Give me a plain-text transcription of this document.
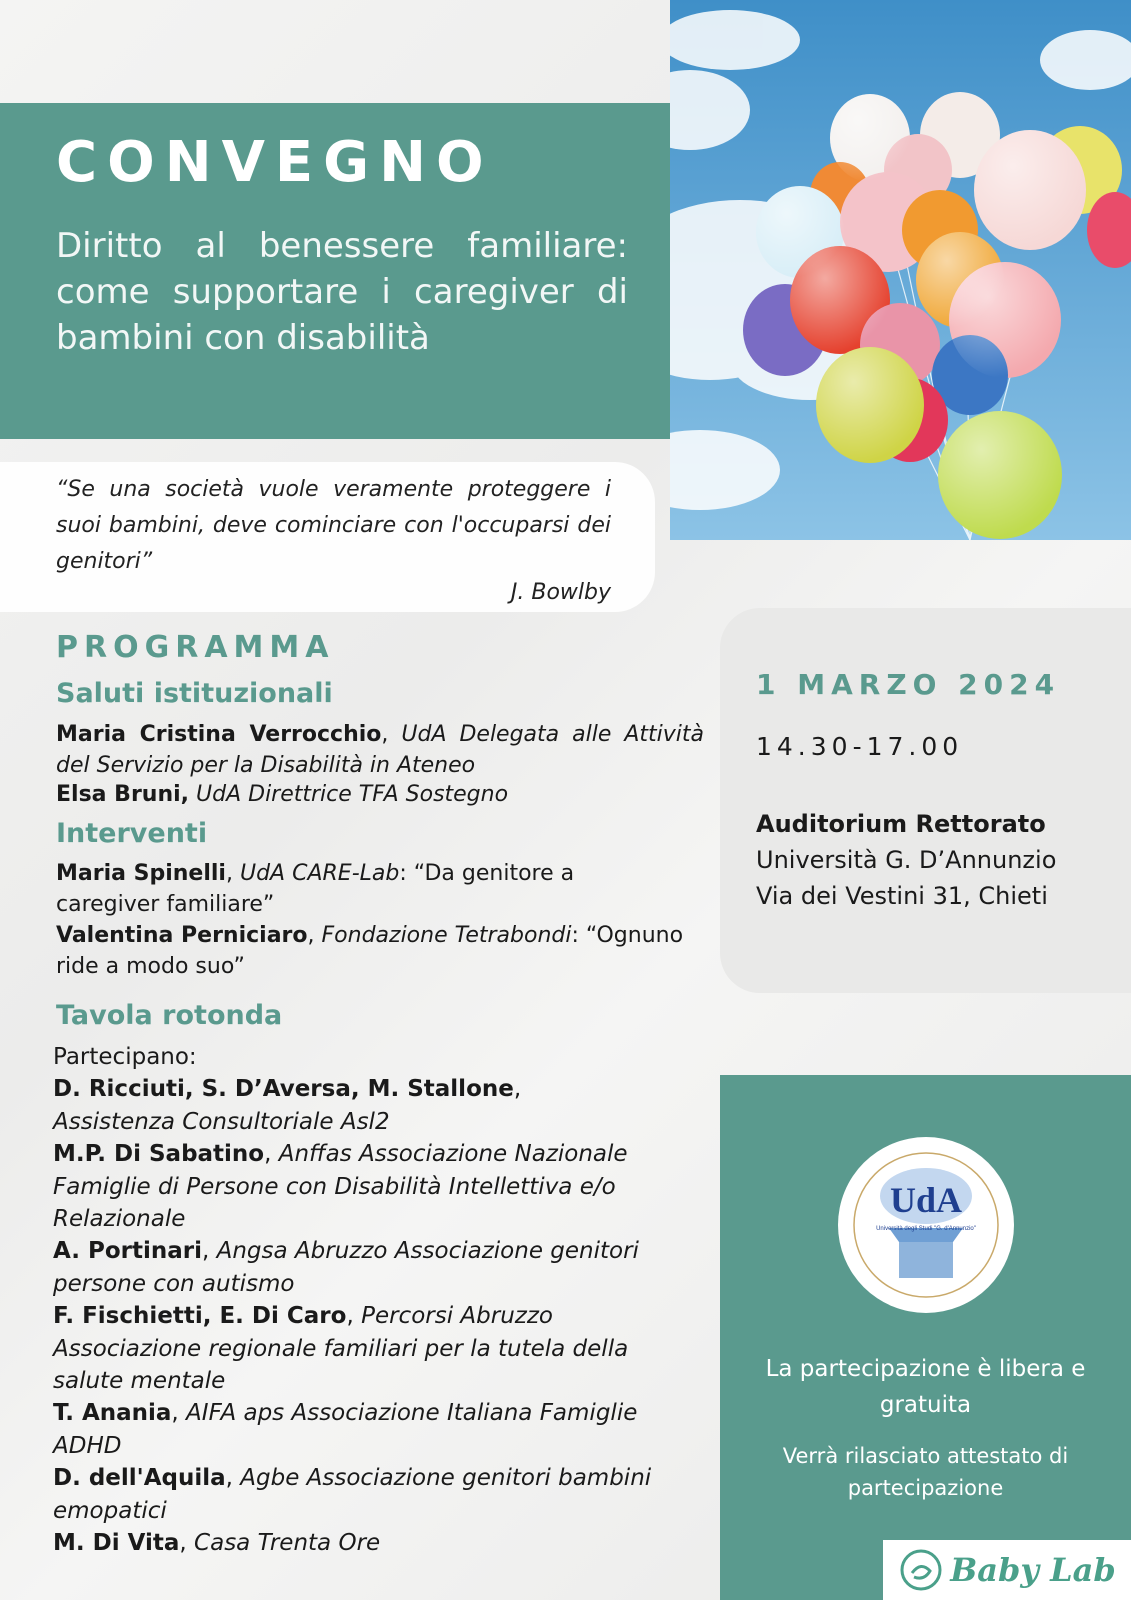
CONVEGNO

Diritto al benessere familiare: come supportare i caregiver di bambini con disabilità

“Se una società vuole veramente proteggere i suoi bambini, deve cominciare con l'occuparsi dei genitori”

J. Bowlby
PROGRAMMA
Saluti istituzionali

Maria Cristina Verrocchio, UdA Delegata alle Attività del Servizio per la Disabilità in Ateneo

Elsa Bruni, UdA Direttrice TFA Sostegno

Interventi

Maria Spinelli, UdA CARE-Lab: “Da genitore a caregiver familiare”

Valentina Perniciaro, Fondazione Tetrabondi: “Ognuno ride a modo suo”

Tavola rotonda

Partecipano:

D. Ricciuti, S. D’Aversa, M. Stallone,
Assistenza Consultoriale Asl2

M.P. Di Sabatino, Anffas Associazione Nazionale Famiglie di Persone con Disabilità Intellettiva e/o Relazionale

A. Portinari, Angsa Abruzzo Associazione genitori persone con autismo

F. Fischietti, E. Di Caro, Percorsi Abruzzo Associazione regionale familiari per la tutela della salute mentale

T. Anania, AIFA aps Associazione Italiana Famiglie ADHD

D. dell'Aquila, Agbe Associazione genitori bambini emopatici

M. Di Vita, Casa Trenta Ore

1 MARZO 2024

14.30-17.00

Auditorium Rettorato

Università G. D’Annunzio

Via dei Vestini 31, Chieti

UdA
Università degli Studi "G. d'Annunzio"

La partecipazione è libera e gratuita

Verrà rilasciato attestato di partecipazione

Baby Lab
